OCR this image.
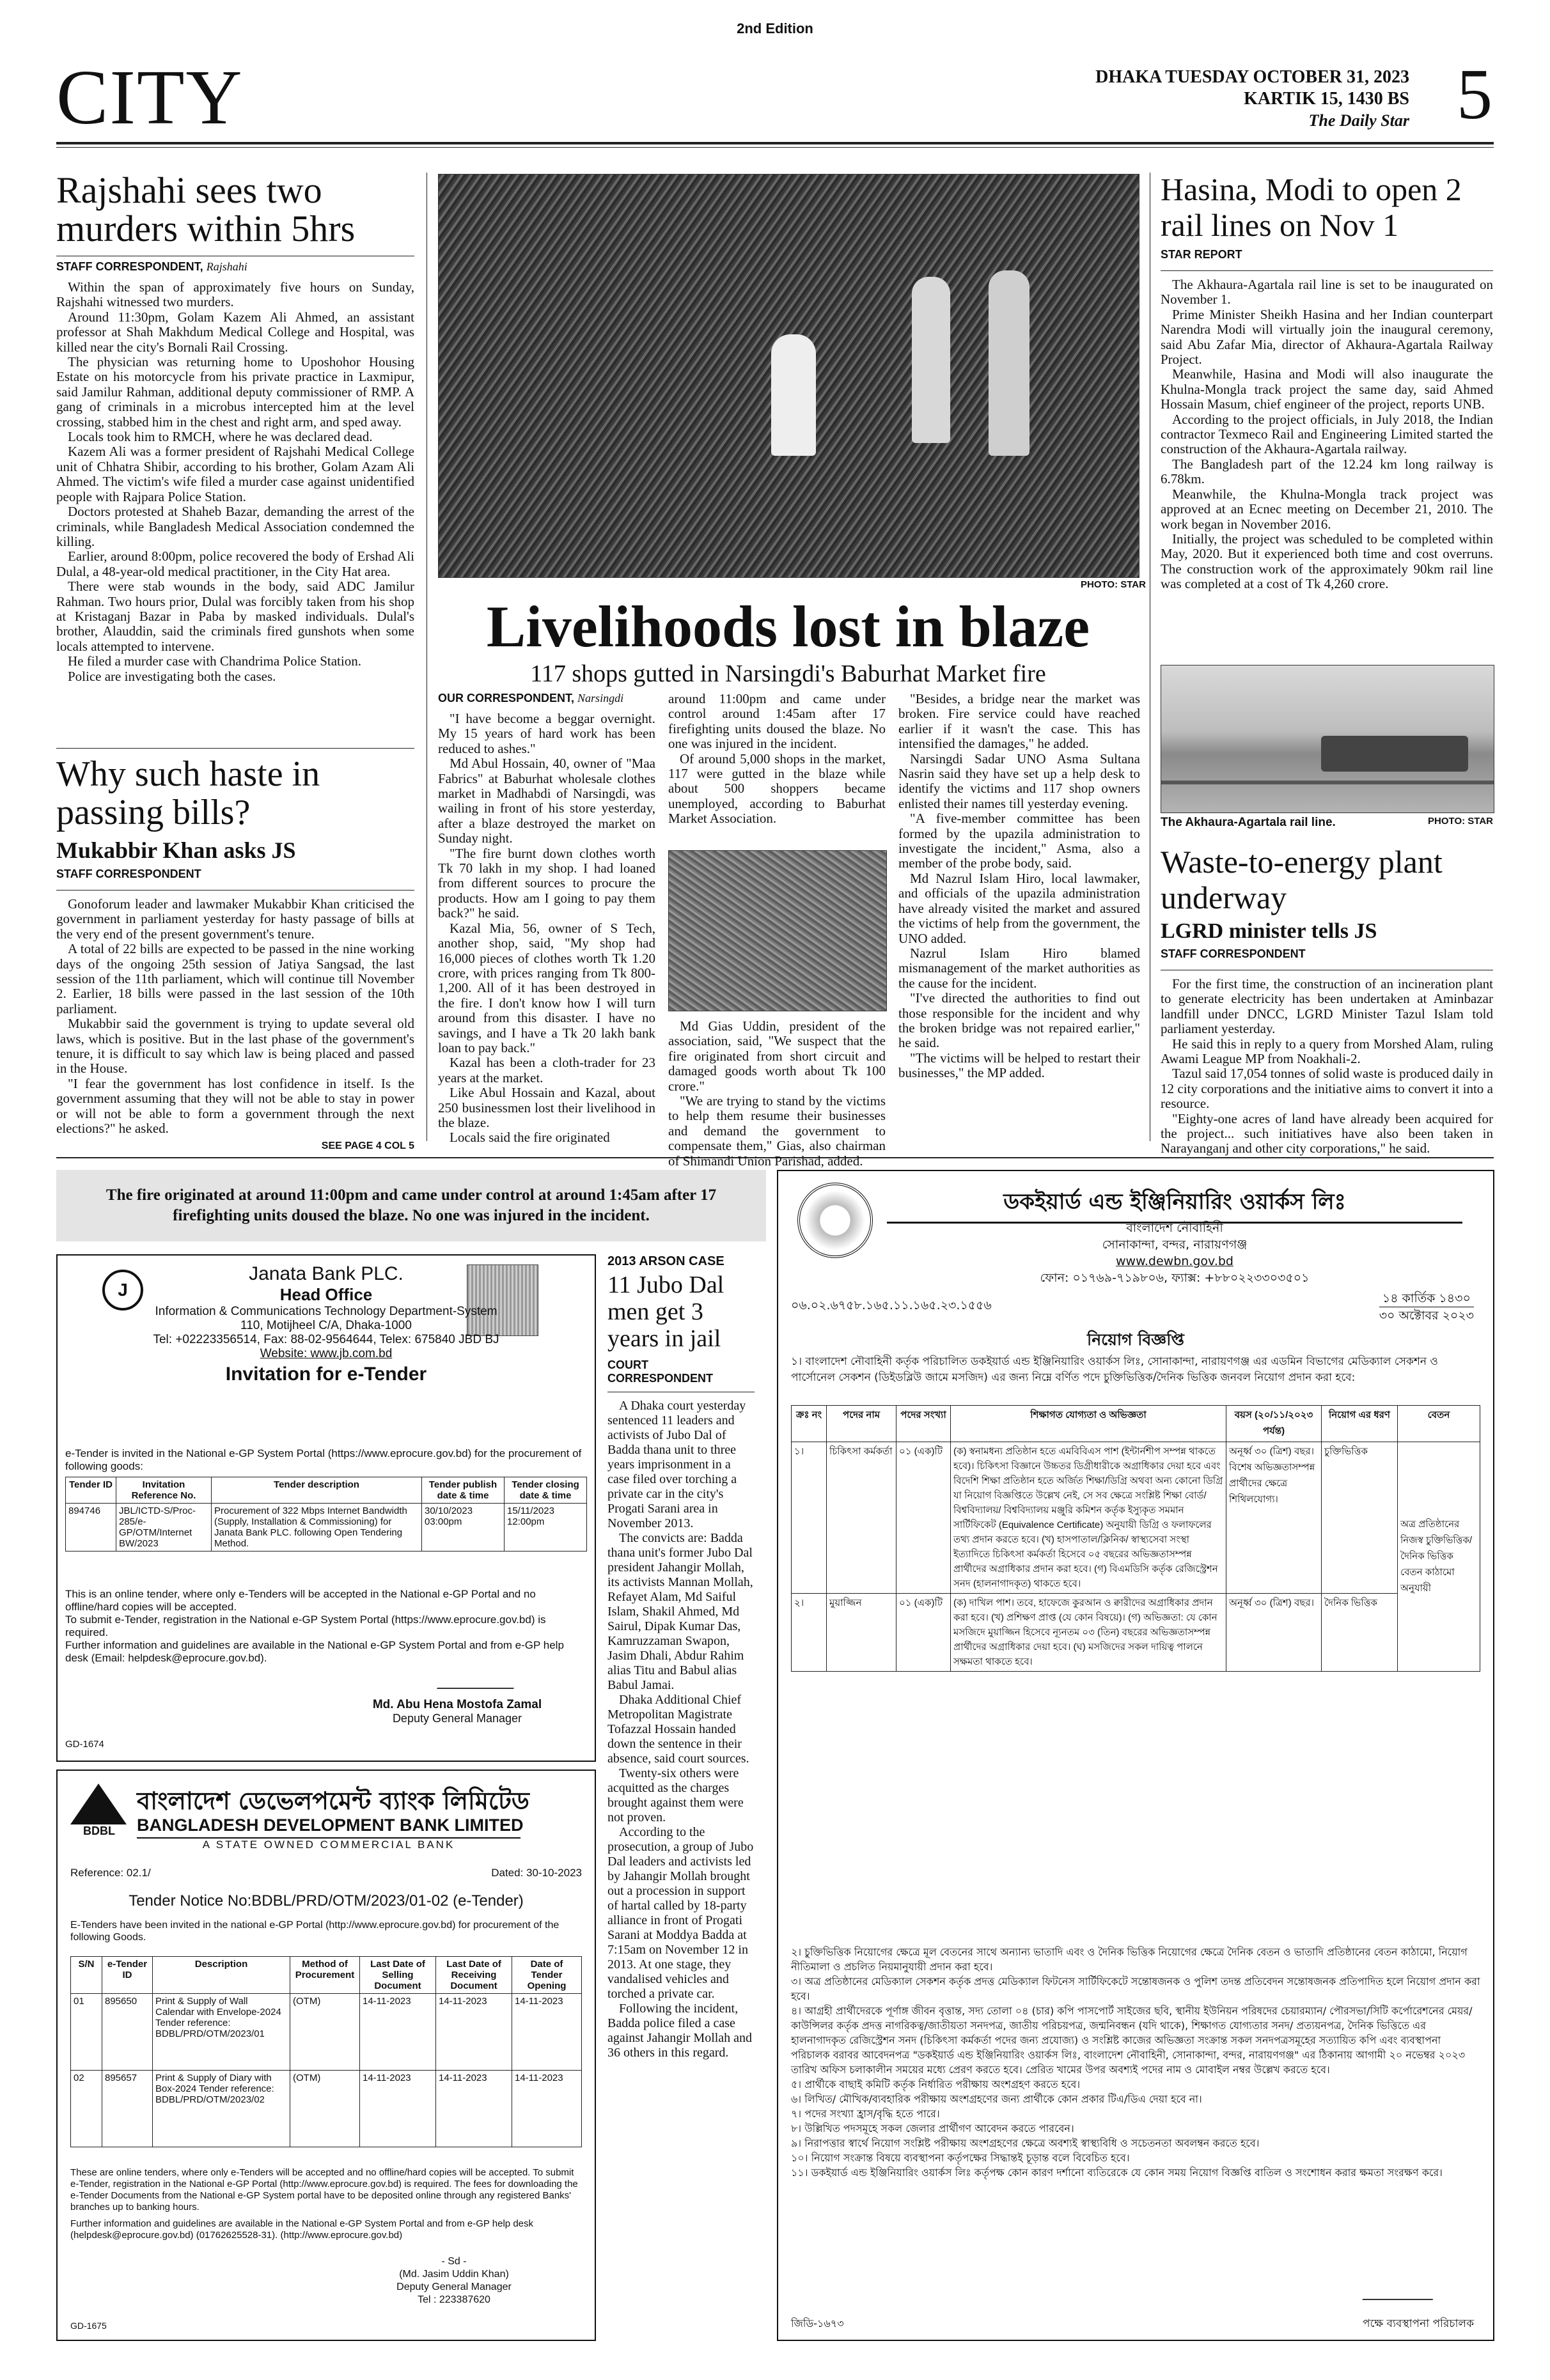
2nd Edition
CITY	DHAKA TUESDAY OCTOBER 31, 2023
KARTIK 15, 1430 BS
The Daily Star 5
Rajshahi sees two murders within 5hrs
STAFF CORRESPONDENT, Rajshahi

Within the span of approximately five hours on Sunday, Rajshahi witnessed two murders.

Around 11:30pm, Golam Kazem Ali Ahmed, an assistant professor at Shah Makhdum Medical College and Hospital, was killed near the city's Bornali Rail Crossing.

The physician was returning home to Uposhohor Housing Estate on his motorcycle from his private practice in Laxmipur, said Jamilur Rahman, additional deputy commissioner of RMP. A gang of criminals in a microbus intercepted him at the level crossing, stabbed him in the chest and right arm, and sped away.

Locals took him to RMCH, where he was declared dead.

Kazem Ali was a former president of Rajshahi Medical College unit of Chhatra Shibir, according to his brother, Golam Azam Ali Ahmed. The victim's wife filed a murder case against unidentified people with Rajpara Police Station.

Doctors protested at Shaheb Bazar, demanding the arrest of the criminals, while Bangladesh Medical Association condemned the killing.

Earlier, around 8:00pm, police recovered the body of Ershad Ali Dulal, a 48-year-old medical practitioner, in the City Hat area.

There were stab wounds in the body, said ADC Jamilur Rahman. Two hours prior, Dulal was forcibly taken from his shop at Kristaganj Bazar in Paba by masked individuals. Dulal's brother, Alauddin, said the criminals fired gunshots when some locals attempted to intervene.

He filed a murder case with Chandrima Police Station.

Police are investigating both the cases.

Why such haste in passing bills?
Mukabbir Khan asks JS
STAFF CORRESPONDENT

Gonoforum leader and lawmaker Mukabbir Khan criticised the government in parliament yesterday for hasty passage of bills at the very end of the present government's tenure.

A total of 22 bills are expected to be passed in the nine working days of the ongoing 25th session of Jatiya Sangsad, the last session of the 11th parliament, which will continue till November 2. Earlier, 18 bills were passed in the last session of the 10th parliament.

Mukabbir said the government is trying to update several old laws, which is positive. But in the last phase of the government's tenure, it is difficult to say which law is being placed and passed in the House.

"I fear the government has lost confidence in itself. Is the government assuming that they will not be able to stay in power or will not be able to form a government through the next elections?" he asked.

SEE PAGE 4 COL 5
PHOTO: STAR
Livelihoods lost in blaze
117 shops gutted in Narsingdi's Baburhat Market fire
OUR CORRESPONDENT, Narsingdi

"I have become a beggar overnight. My 15 years of hard work has been reduced to ashes."

Md Abul Hossain, 40, owner of "Maa Fabrics" at Baburhat wholesale clothes market in Madhabdi of Narsingdi, was wailing in front of his store yesterday, after a blaze destroyed the market on Sunday night.

"The fire burnt down clothes worth Tk 70 lakh in my shop. I had loaned from different sources to procure the products. How am I going to pay them back?" he said.

Kazal Mia, 56, owner of S Tech, another shop, said, "My shop had 16,000 pieces of clothes worth Tk 1.20 crore, with prices ranging from Tk 800-1,200. All of it has been destroyed in the fire. I don't know how I will turn around from this disaster. I have no savings, and I have a Tk 20 lakh bank loan to pay back."

Kazal has been a cloth-trader for 23 years at the market.

Like Abul Hossain and Kazal, about 250 businessmen lost their livelihood in the blaze.

Locals said the fire originated

around 11:00pm and came under control around 1:45am after 17 firefighting units doused the blaze. No one was injured in the incident.

Of around 5,000 shops in the market, 117 were gutted in the blaze while about 500 shoppers became unemployed, according to Baburhat Market Association.

Md Gias Uddin, president of the association, said, "We suspect that the fire originated from short circuit and damaged goods worth about Tk 100 crore."

"We are trying to stand by the victims to help them resume their businesses and demand the government to compensate them," Gias, also chairman of Shimandi Union Parishad, added.

"Besides, a bridge near the market was broken. Fire service could have reached earlier if it wasn't the case. This has intensified the damages," he added.

Narsingdi Sadar UNO Asma Sultana Nasrin said they have set up a help desk to identify the victims and 117 shop owners enlisted their names till yesterday evening.

"A five-member committee has been formed by the upazila administration to investigate the incident," Asma, also a member of the probe body, said.

Md Nazrul Islam Hiro, local lawmaker, and officials of the upazila administration have already visited the market and assured the victims of help from the government, the UNO added.

Nazrul Islam Hiro blamed mismanagement of the market authorities as the cause for the incident.

"I've directed the authorities to find out those responsible for the incident and why the broken bridge was not repaired earlier," he said.

"The victims will be helped to restart their businesses," the MP added.

Hasina, Modi to open 2 rail lines on Nov 1
STAR REPORT

The Akhaura-Agartala rail line is set to be inaugurated on November 1.

Prime Minister Sheikh Hasina and her Indian counterpart Narendra Modi will virtually join the inaugural ceremony, said Abu Zafar Mia, director of Akhaura-Agartala Railway Project.

Meanwhile, Hasina and Modi will also inaugurate the Khulna-Mongla track project the same day, said Ahmed Hossain Masum, chief engineer of the project, reports UNB.

According to the project officials, in July 2018, the Indian contractor Texmeco Rail and Engineering Limited started the construction of the Akhaura-Agartala railway.

The Bangladesh part of the 12.24 km long railway is 6.78km.

Meanwhile, the Khulna-Mongla track project was approved at an Ecnec meeting on December 21, 2010. The work began in November 2016.

Initially, the project was scheduled to be completed within May, 2020. But it experienced both time and cost overruns. The construction work of the approximately 90km rail line was completed at a cost of Tk 4,260 crore.

The Akhaura-Agartala rail line.	PHOTO: STAR
Waste-to-energy plant underway
LGRD minister tells JS
STAFF CORRESPONDENT

For the first time, the construction of an incineration plant to generate electricity has been undertaken at Aminbazar landfill under DNCC, LGRD Minister Tazul Islam told parliament yesterday.

He said this in reply to a query from Morshed Alam, ruling Awami League MP from Noakhali-2.

Tazul said 17,054 tonnes of solid waste is produced daily in 12 city corporations and the initiative aims to convert it into a resource.

"Eighty-one acres of land have already been acquired for the project... such initiatives have also been taken in Narayanganj and other city corporations," he said.

The fire originated at around 11:00pm and came under control at around 1:45am after 17 firefighting units doused the blaze. No one was injured in the incident.
J
Janata Bank PLC.
Head Office
Information & Communications Technology Department-System
110, Motijheel C/A, Dhaka-1000
Tel: +02223356514, Fax: 88-02-9564644, Telex: 675840 JBD BJ
Website: www.jb.com.bd
Invitation for e-Tender
e-Tender is invited in the National e-GP System Portal (https://www.eprocure.gov.bd) for the procurement of following goods:
Tender ID	Invitation Reference No.	Tender description	Tender publish date & time	Tender closing date & time
894746	JBL/ICTD-S/Proc-285/e-GP/OTM/Internet BW/2023	Procurement of 322 Mbps Internet Bandwidth (Supply, Installation & Commissioning) for Janata Bank PLC. following Open Tendering Method.	30/10/2023 03:00pm	15/11/2023 12:00pm
This is an online tender, where only e-Tenders will be accepted in the National e-GP Portal and no offline/hard copies will be accepted.
To submit e-Tender, registration in the National e-GP System Portal (https://www.eprocure.gov.bd) is required.
Further information and guidelines are available in the National e-GP System Portal and from e-GP help desk (Email: helpdesk@eprocure.gov.bd).
Md. Abu Hena Mostofa Zamal
Deputy General Manager
GD-1674
BDBL
বাংলাদেশ ডেভেলপমেন্ট ব্যাংক লিমিটেড
BANGLADESH DEVELOPMENT BANK LIMITED
A STATE OWNED COMMERCIAL BANK
Reference: 02.1/	Dated: 30-10-2023
Tender Notice No:BDBL/PRD/OTM/2023/01-02 (e-Tender)
E-Tenders have been invited in the national e-GP Portal (http://www.eprocure.gov.bd) for procurement of the following Goods.
S/N	e-Tender ID	Description	Method of Procurement	Last Date of Selling Document	Last Date of Receiving Document	Date of Tender Opening
01	895650	Print & Supply of Wall Calendar with Envelope-2024 Tender reference: BDBL/PRD/OTM/2023/01	(OTM)	14-11-2023	14-11-2023	14-11-2023
02	895657	Print & Supply of Diary with Box-2024 Tender reference: BDBL/PRD/OTM/2023/02	(OTM)	14-11-2023	14-11-2023	14-11-2023
These are online tenders, where only e-Tenders will be accepted and no offline/hard copies will be accepted. To submit e-Tender, registration in the National e-GP Portal (http://www.eprocure.gov.bd) is required. The fees for downloading the e-Tender Documents from the National e-GP System portal have to be deposited online through any registered Banks' branches up to banking hours.
Further information and guidelines are available in the National e-GP System Portal and from e-GP help desk (helpdesk@eprocure.gov.bd) (01762625528-31). (http://www.eprocure.gov.bd)
- Sd -
(Md. Jasim Uddin Khan)
Deputy General Manager
Tel : 223387620
GD-1675
2013 ARSON CASE
11 Jubo Dal men get 3 years in jail
COURT CORRESPONDENT

A Dhaka court yesterday sentenced 11 leaders and activists of Jubo Dal of Badda thana unit to three years imprisonment in a case filed over torching a private car in the city's Progati Sarani area in November 2013.

The convicts are: Badda thana unit's former Jubo Dal president Jahangir Mollah, its activists Mannan Mollah, Refayet Alam, Md Saiful Islam, Shakil Ahmed, Md Sairul, Dipak Kumar Das, Kamruzzaman Swapon, Jasim Dhali, Abdur Rahim alias Titu and Babul alias Babul Jamai.

Dhaka Additional Chief Metropolitan Magistrate Tofazzal Hossain handed down the sentence in their absence, said court sources.

Twenty-six others were acquitted as the charges brought against them were not proven.

According to the prosecution, a group of Jubo Dal leaders and activists led by Jahangir Mollah brought out a procession in support of hartal called by 18-party alliance in front of Progati Sarani at Moddya Badda at 7:15am on November 12 in 2013. At one stage, they vandalised vehicles and torched a private car.

Following the incident, Badda police filed a case against Jahangir Mollah and 36 others in this regard.

ডকইয়ার্ড এন্ড ইঞ্জিনিয়ারিং ওয়ার্কস লিঃ
বাংলাদেশ নৌবাহিনী
সোনাকান্দা, বন্দর, নারায়ণগঞ্জ
www.dewbn.gov.bd
ফোন: ০১৭৬৯-৭১৯৮০৬, ফ্যাক্স: +৮৮০২২৩৩০৩৫০১
০৬.০২.৬৭৫৮.১৬৫.১১.১৬৫.২৩.১৫৫৬	১৪ কার্তিক ১৪৩০
৩০ অক্টোবর ২০২৩
নিয়োগ বিজ্ঞপ্তি
১। বাংলাদেশ নৌবাহিনী কর্তৃক পরিচালিত ডকইয়ার্ড এন্ড ইঞ্জিনিয়ারিং ওয়ার্কস লিঃ, সোনাকান্দা, নারায়ণগঞ্জ এর এডমিন বিভাগের মেডিক্যাল সেকশন ও পার্সোনেল সেকশন (ডিইডব্লিউ জামে মসজিদ) এর জন্য নিম্নে বর্ণিত পদে চুক্তিভিত্তিক/দৈনিক ভিত্তিক জনবল নিয়োগ প্রদান করা হবে:
ক্রঃ নং	পদের নাম	পদের সংখ্যা	শিক্ষাগত যোগ্যতা ও অভিজ্ঞতা	বয়স (২০/১১/২০২৩ পর্যন্ত)	নিয়োগ এর ধরণ	বেতন
১।	চিকিৎসা কর্মকর্তা	০১ (এক)টি	(ক) স্বনামধন্য প্রতিষ্ঠান হতে এমবিবিএস পাশ (ইন্টার্নশীপ সম্পন্ন থাকতে হবে)। চিকিৎসা বিজ্ঞানে উচ্চতর ডিগ্রীধারীকে অগ্রাধিকার দেয়া হবে এবং বিদেশি শিক্ষা প্রতিষ্ঠান হতে অর্জিত শিক্ষা/ডিগ্রি অথবা অন্য কোনো ডিগ্রি যা নিয়োগ বিজ্ঞপ্তিতে উল্লেখ নেই, সে সব ক্ষেত্রে সংশ্লিষ্ট শিক্ষা বোর্ড/বিশ্ববিদ্যালয়/ বিশ্ববিদ্যালয় মঞ্জুরি কমিশন কর্তৃক ইস্যুকৃত সমমান সার্টিফিকেট (Equivalence Certificate) অনুযায়ী ডিগ্রি ও ফলাফলের তথ্য প্রদান করতে হবে। (খ) হাসপাতাল/ক্লিনিক/ স্বাস্থ্যসেবা সংস্থা ইত্যাদিতে চিকিৎসা কর্মকর্তা হিসেবে ০৫ বছরের অভিজ্ঞতাসম্পন্ন প্রার্থীদের অগ্রাধিকার প্রদান করা হবে। (গ) বিএমডিসি কর্তৃক রেজিস্ট্রেশন সনদ (হালনাগাদকৃত) থাকতে হবে।	অনূর্ধ্ব ৩০ (ত্রিশ) বছর। বিশেষ অভিজ্ঞতাসম্পন্ন প্রার্থীদের ক্ষেত্রে শিথিলযোগ্য।	চুক্তিভিত্তিক	অত্র প্রতিষ্ঠানের নিজস্ব চুক্তিভিত্তিক/ দৈনিক ভিত্তিক বেতন কাঠামো অনুযায়ী
২।	মুয়াজ্জিন	০১ (এক)টি	(ক) দাখিল পাশ। তবে, হাফেজে কুরআন ও ক্বারীদের অগ্রাধিকার প্রদান করা হবে। (খ) প্রশিক্ষণ প্রাপ্ত (যে কোন বিষয়ে)। (গ) অভিজ্ঞতা: যে কোন মসজিদে মুয়াজ্জিন হিসেবে ন্যূনতম ০৩ (তিন) বছরের অভিজ্ঞতাসম্পন্ন প্রার্থীদের অগ্রাধিকার দেয়া হবে। (ঘ) মসজিদের সকল দায়িত্ব পালনে সক্ষমতা থাকতে হবে।	অনূর্ধ্ব ৩০ (ত্রিশ) বছর।	দৈনিক ভিত্তিক	
২। চুক্তিভিত্তিক নিয়োগের ক্ষেত্রে মূল বেতনের সাথে অন্যান্য ভাতাদি এবং ও দৈনিক ভিত্তিক নিয়োগের ক্ষেত্রে দৈনিক বেতন ও ভাতাদি প্রতিষ্ঠানের বেতন কাঠামো, নিয়োগ নীতিমালা ও প্রচলিত নিয়মানুযায়ী প্রদান করা হবে।
৩। অত্র প্রতিষ্ঠানের মেডিক্যাল সেকশন কর্তৃক প্রদত্ত মেডিক্যাল ফিটনেস সার্টিফিকেটে সন্তোষজনক ও পুলিশ তদন্ত প্রতিবেদন সন্তোষজনক প্রতিপাদিত হলে নিয়োগ প্রদান করা হবে।
৪। আগ্রহী প্রার্থীদেরকে পূর্ণাঙ্গ জীবন বৃত্তান্ত, সদ্য তোলা ০৪ (চার) কপি পাসপোর্ট সাইজের ছবি, স্থানীয় ইউনিয়ন পরিষদের চেয়ারম্যান/ পৌরসভা/সিটি কর্পোরেশনের মেয়র/কাউন্সিলর কর্তৃক প্রদত্ত নাগরিকত্ব/জাতীয়তা সনদপত্র, জাতীয় পরিচয়পত্র, জন্মনিবন্ধন (যদি থাকে), শিক্ষাগত যোগ্যতার সনদ/ প্রত্যয়নপত্র, দৈনিক ভিত্তিতে এর হালনাগাদকৃত রেজিস্ট্রেশন সনদ (চিকিৎসা কর্মকর্তা পদের জন্য প্রযোজ্য) ও সংশ্লিষ্ট কাজের অভিজ্ঞতা সংক্রান্ত সকল সনদপত্রসমূহের সত্যায়িত কপি এবং ব্যবস্থাপনা পরিচালক বরাবর আবেদনপত্র "ডকইয়ার্ড এন্ড ইঞ্জিনিয়ারিং ওয়ার্কস লিঃ, বাংলাদেশ নৌবাহিনী, সোনাকান্দা, বন্দর, নারায়ণগঞ্জ" এর ঠিকানায় আগামী ২০ নভেম্বর ২০২৩ তারিখ অফিস চলাকালীন সময়ের মধ্যে প্রেরণ করতে হবে। প্রেরিত খামের উপর অবশ্যই পদের নাম ও মোবাইল নম্বর উল্লেখ করতে হবে।
৫। প্রার্থীকে বাছাই কমিটি কর্তৃক নির্ধারিত পরীক্ষায় অংশগ্রহণ করতে হবে।
৬। লিখিত/ মৌখিক/ব্যবহারিক পরীক্ষায় অংশগ্রহণের জন্য প্রার্থীকে কোন প্রকার টিএ/ডিএ দেয়া হবে না।
৭। পদের সংখ্যা হ্রাস/বৃদ্ধি হতে পারে।
৮। উল্লিখিত পদসমূহে সকল জেলার প্রার্থীগণ আবেদন করতে পারবেন।
৯। নিরাপত্তার স্বার্থে নিয়োগ সংশ্লিষ্ট পরীক্ষায় অংশগ্রহণের ক্ষেত্রে অবশ্যই স্বাস্থ্যবিধি ও সচেতনতা অবলম্বন করতে হবে।
১০। নিয়োগ সংক্রান্ত বিষয়ে ব্যবস্থাপনা কর্তৃপক্ষের সিদ্ধান্তই চূড়ান্ত বলে বিবেচিত হবে।
১১। ডকইয়ার্ড এন্ড ইঞ্জিনিয়ারিং ওয়ার্কস লিঃ কর্তৃপক্ষ কোন কারণ দর্শানো ব্যতিরেকে যে কোন সময় নিয়োগ বিজ্ঞপ্তি বাতিল ও সংশোধন করার ক্ষমতা সংরক্ষণ করে।
জিডি-১৬৭৩	পক্ষে ব্যবস্থাপনা পরিচালক
